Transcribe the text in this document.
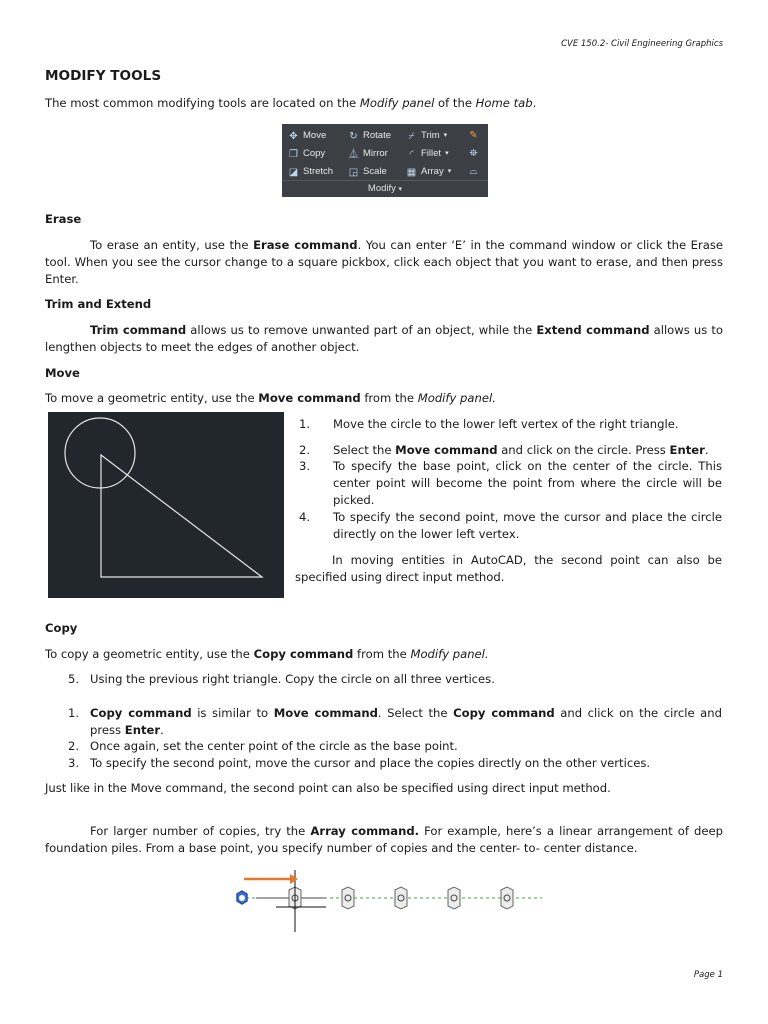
CVE 150.2- Civil Engineering Graphics
MODIFY TOOLS
The most common modifying tools are located on the Modify panel of the Home tab.
✥ Move ↻ Rotate ⌿ Trim ▾ ✎
❐ Copy ⏅ Mirror	◜ Fillet ▾ ⛯
◪ Stretch ◲ Scale ▦ Array ▾ ⌓
Modify ▾
Erase
To erase an entity, use the Erase command. You can enter ‘E’ in the command window or click the Erase tool. When you see the cursor change to a square pickbox, click each object that you want to erase, and then press Enter.
Trim and Extend
Trim command allows us to remove unwanted part of an object, while the Extend command allows us to lengthen objects to meet the edges of another object.
Move
To move a geometric entity, use the Move command from the Modify panel.
1. Move the circle to the lower left vertex of the right triangle.
2. Select the Move command and click on the circle. Press Enter.
3. To specify the base point, click on the center of the circle. This center point will become the point from where the circle will be picked.
4. To specify the second point, move the cursor and place the circle directly on the lower left vertex.
In moving entities in AutoCAD, the second point can also be specified using direct input method.
Copy
To copy a geometric entity, use the Copy command from the Modify panel.
5. Using the previous right triangle. Copy the circle on all three vertices.
1. Copy command is similar to Move command. Select the Copy command and click on the circle and press Enter.
2. Once again, set the center point of the circle as the base point.
3. To specify the second point, move the cursor and place the copies directly on the other vertices.
Just like in the Move command, the second point can also be specified using direct input method.
For larger number of copies, try the Array command. For example, here’s a linear arrangement of deep foundation piles. From a base point, you specify number of copies and the center- to- center distance.
Page 1
